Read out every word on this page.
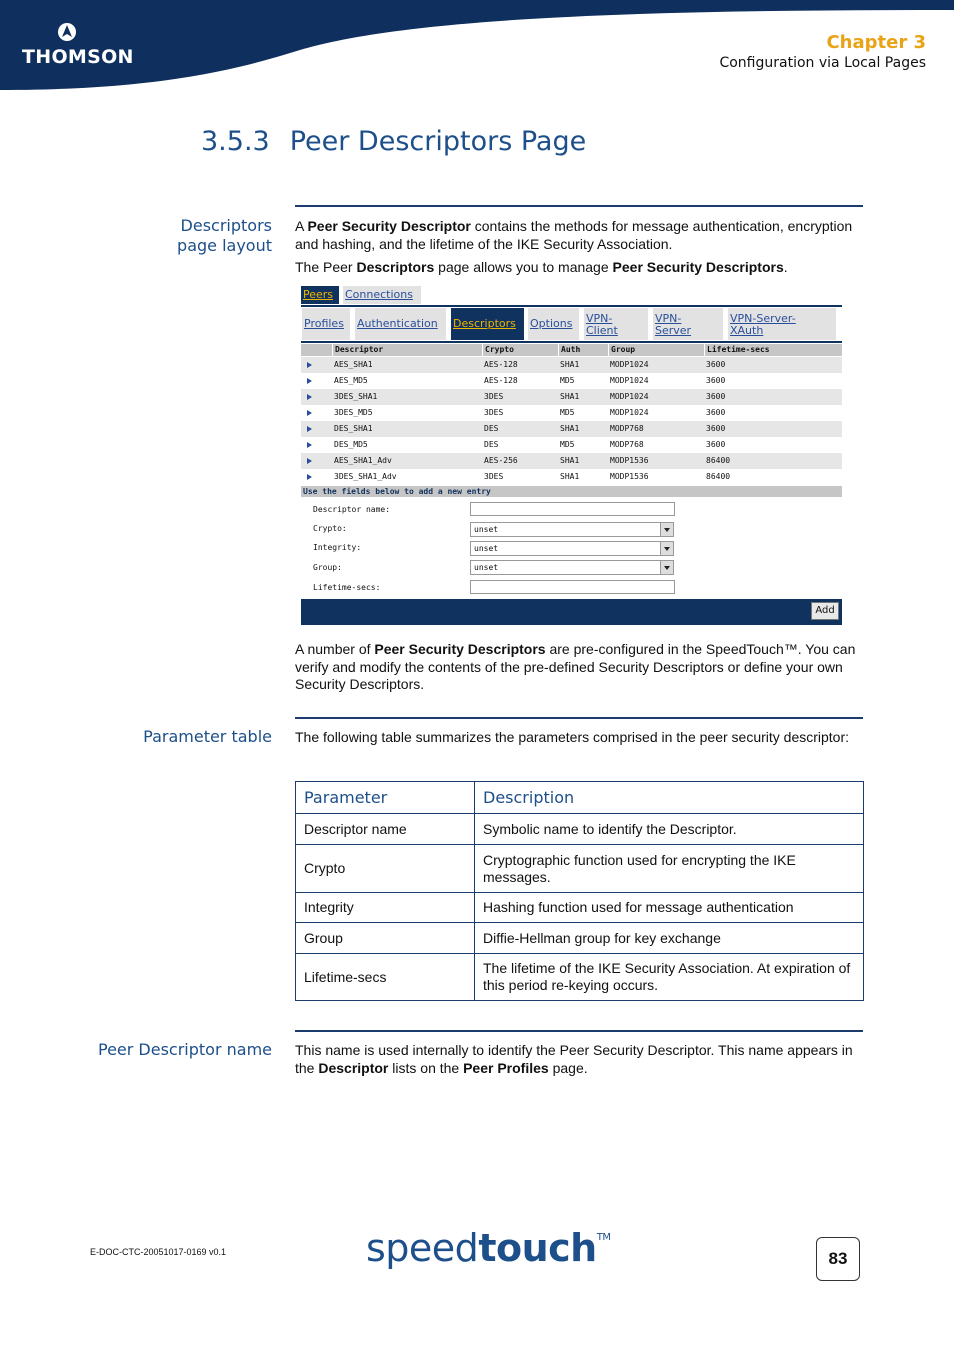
THOMSON
Chapter 3
Configuration via Local Pages
3.5.3 Peer Descriptors Page
Descriptors
page layout
A Peer Security Descriptor contains the methods for message authentication, encryption and hashing, and the lifetime of the IKE Security Association.
The Peer Descriptors page allows you to manage Peer Security Descriptors.
Peers	Connections
Profiles	Authentication	Descriptors	Options	VPN-
Client
VPN-
Server
VPN-Server-
XAuth
Descriptor	Crypto	Auth	Group	Lifetime-secs
AES_SHA1	AES-128	SHA1	MODP1024	3600
AES_MD5	AES-128	MD5	MODP1024	3600
3DES_SHA1	3DES	SHA1	MODP1024	3600
3DES_MD5	3DES	MD5	MODP1024	3600
DES_SHA1	DES	SHA1	MODP768	3600
DES_MD5	DES	MD5	MODP768	3600
AES_SHA1_Adv	AES-256	SHA1	MODP1536	86400
3DES_SHA1_Adv	3DES	SHA1	MODP1536	86400
Use the fields below to add a new entry
Descriptor name:
Crypto:	unset
Integrity:	unset
Group:	unset
Lifetime-secs:
Add
A number of Peer Security Descriptors are pre-configured in the SpeedTouch™. You can verify and modify the contents of the pre-defined Security Descriptors or define your own Security Descriptors.
Parameter table The following table summarizes the parameters comprised in the peer security descriptor:
Parameter	Description
Descriptor name	Symbolic name to identify the Descriptor.
Crypto	Cryptographic function used for encrypting the IKE messages.
Integrity	Hashing function used for message authentication
Group	Diffie-Hellman group for key exchange
Lifetime-secs	The lifetime of the IKE Security Association. At expiration of this period re-keying occurs.
Peer Descriptor name This name is used internally to identify the Peer Security Descriptor. This name appears in the Descriptor lists on the Peer Profiles page.
E-DOC-CTC-20051017-0169 v0.1	speedtouch™
83
